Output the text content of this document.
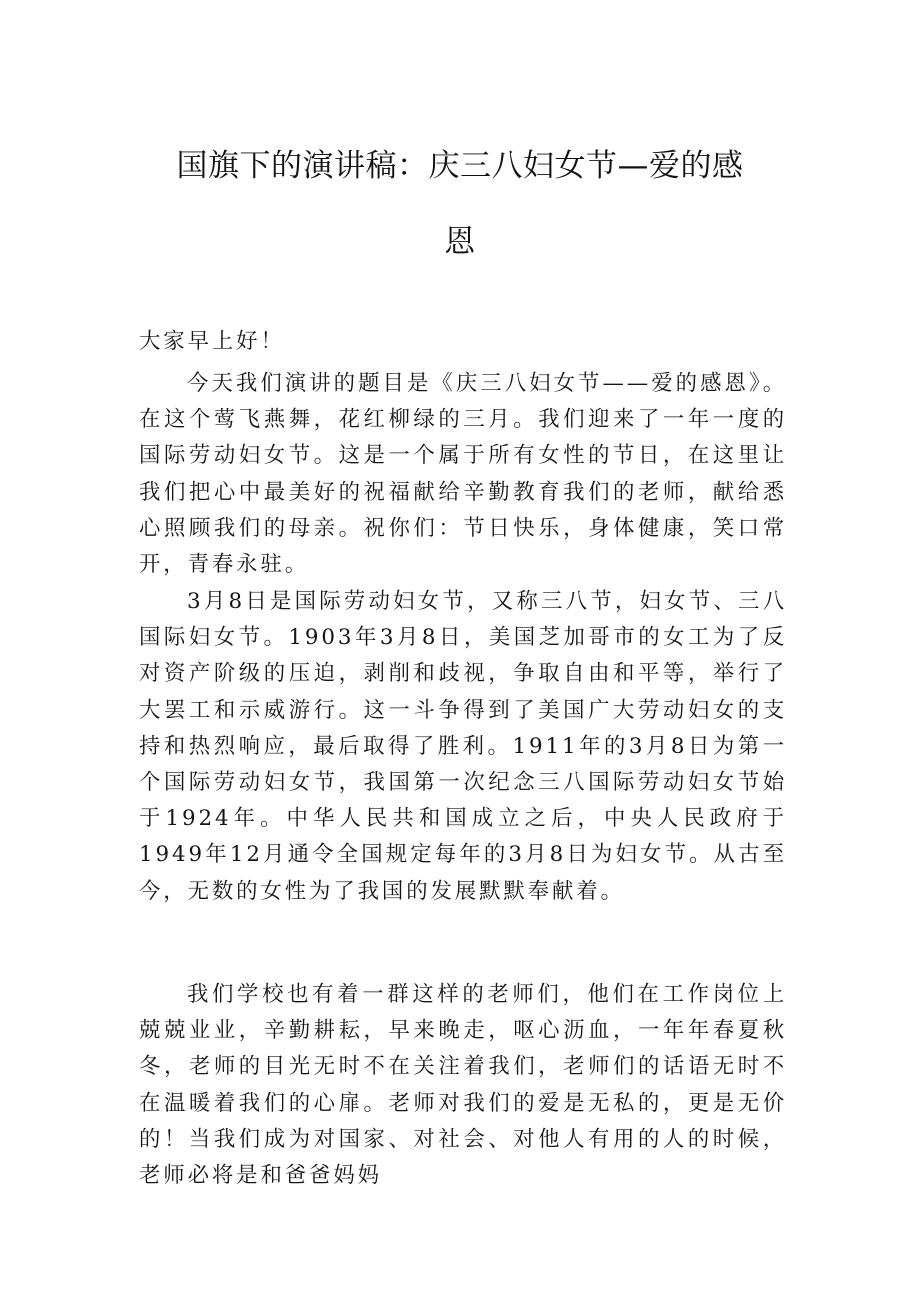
国旗下的演讲稿：庆三八妇女节—爱的感
恩

大家早上好！

今天我们演讲的题目是《庆三八妇女节——爱的感恩》。在这个莺飞燕舞，花红柳绿的三月。我们迎来了一年一度的国际劳动妇女节。这是一个属于所有女性的节日，在这里让我们把心中最美好的祝福献给辛勤教育我们的老师，献给悉心照顾我们的母亲。祝你们：节日快乐，身体健康，笑口常开，青春永驻。

3月8日是国际劳动妇女节，又称三八节，妇女节、三八国际妇女节。1903年3月8日，美国芝加哥市的女工为了反对资产阶级的压迫，剥削和歧视，争取自由和平等，举行了大罢工和示威游行。这一斗争得到了美国广大劳动妇女的支持和热烈响应，最后取得了胜利。1911年的3月8日为第一个国际劳动妇女节，我国第一次纪念三八国际劳动妇女节始于1924年。中华人民共和国成立之后，中央人民政府于1949年12月通令全国规定每年的3月8日为妇女节。从古至今，无数的女性为了我国的发展默默奉献着。

我们学校也有着一群这样的老师们，他们在工作岗位上兢兢业业，辛勤耕耘，早来晚走，呕心沥血，一年年春夏秋冬，老师的目光无时不在关注着我们，老师们的话语无时不在温暖着我们的心扉。老师对我们的爱是无私的，更是无价的！当我们成为对国家、对社会、对他人有用的人的时候，老师必将是和爸爸妈妈
